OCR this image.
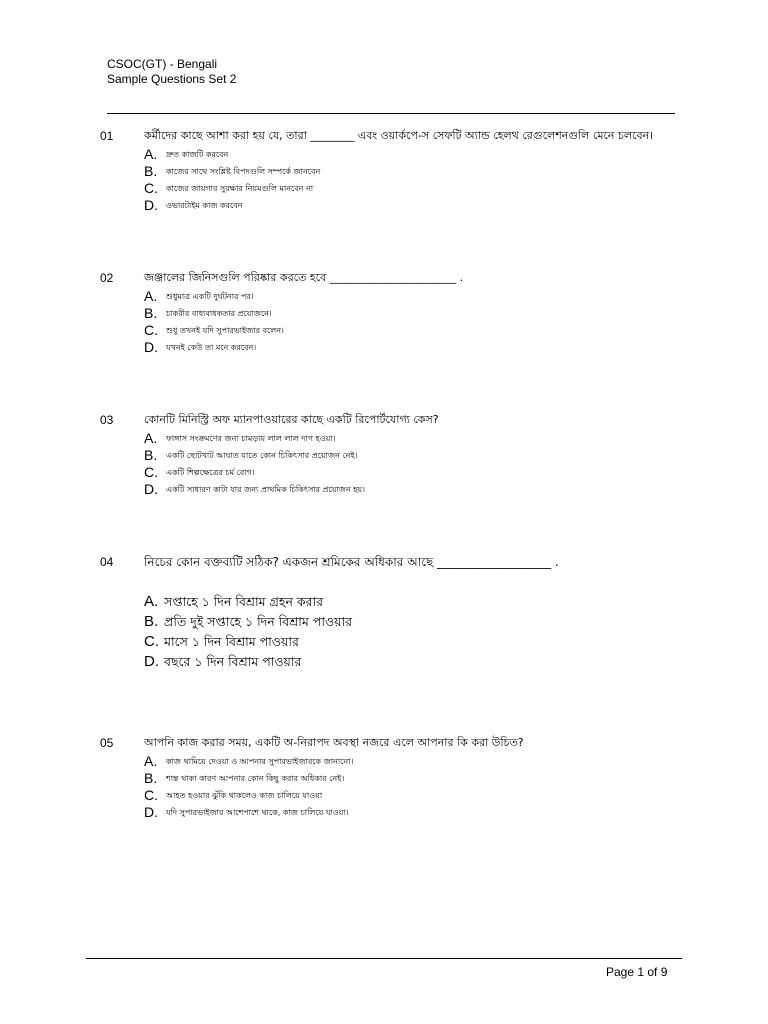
CSOC(GT) - Bengali
Sample Questions Set 2
01	কর্মীদের কাছে আশা করা হয় যে, তারা ________ এবং ওয়ার্কপে-স সেফটি অ্যান্ড হেলথ রেগুলেশনগুলি মেনে চলবেন।
A. দ্রুত কাজটি করবেন
B. কাজের সাথে সংশ্লিষ্ট বিপদগুলি সম্পর্কে জানবেন
C. কাজের জায়গার সুরক্ষার নিয়মগুলি মানবেন না
D. ওভারটাইম কাজ করবেন
02	জঞ্জালের জিনিসগুলি পরিষ্কার করতে হবে _______________________ .
A. শুধুমাত্র একটি দুর্ঘটনার পর।
B. চাকরীর বাধ্যবাধকতার প্রয়োজনে।
C. শুধু তখনই যদি সুপারভাইজার বলেন।
D. যখনই কেউ তা মনে করবেন।
03	কোনটি মিনিস্ট্রি অফ ম্যানপাওয়ারের কাছে একটি রিপোর্টযোগ্য কেস?
A. ফাঙ্গাস সংক্রমণের জন্য চামড়ায় লাল লাল দাগ হওয়া।
B. একটি ছোটখাট আঘাত যাতে কোন চিকিৎসার প্রয়োজন নেই।
C. একটি শিল্পক্ষেত্রের চর্ম রোগ।
D. একটি সাধারণ কাটা যার জন্য প্রাথমিক চিকিৎসার প্রয়োজন হয়।
04	নিচের কোন বক্তব্যটি সঠিক? একজন শ্রমিকের অধিকার আছে ___________________ .
A. সপ্তাহে ১ দিন বিশ্রাম গ্রহন করার
B. প্রতি দুই সপ্তাহে ১ দিন বিশ্রাম পাওয়ার
C. মাসে ১ দিন বিশ্রাম পাওয়ার
D. বছরে ১ দিন বিশ্রাম পাওয়ার
05	আপনি কাজ করার সময়, একটি অ-নিরাপদ অবস্থা নজরে এলে আপনার কি করা উচিত?
A. কাজ থামিয়ে দেওয়া ও আপনার সুপারভাইজারকে জানানো।
B. শান্ত থাকা কারণ আপনার কোন কিছু করার অধিকার নেই।
C. আহত হওয়ার ঝুঁকি থাকলেও কাজ চালিয়ে যাওয়া
D. যদি সুপারভাইজার আশেপাশে থাকে, কাজ চালিয়ে যাওয়া।
Page 1 of 9
